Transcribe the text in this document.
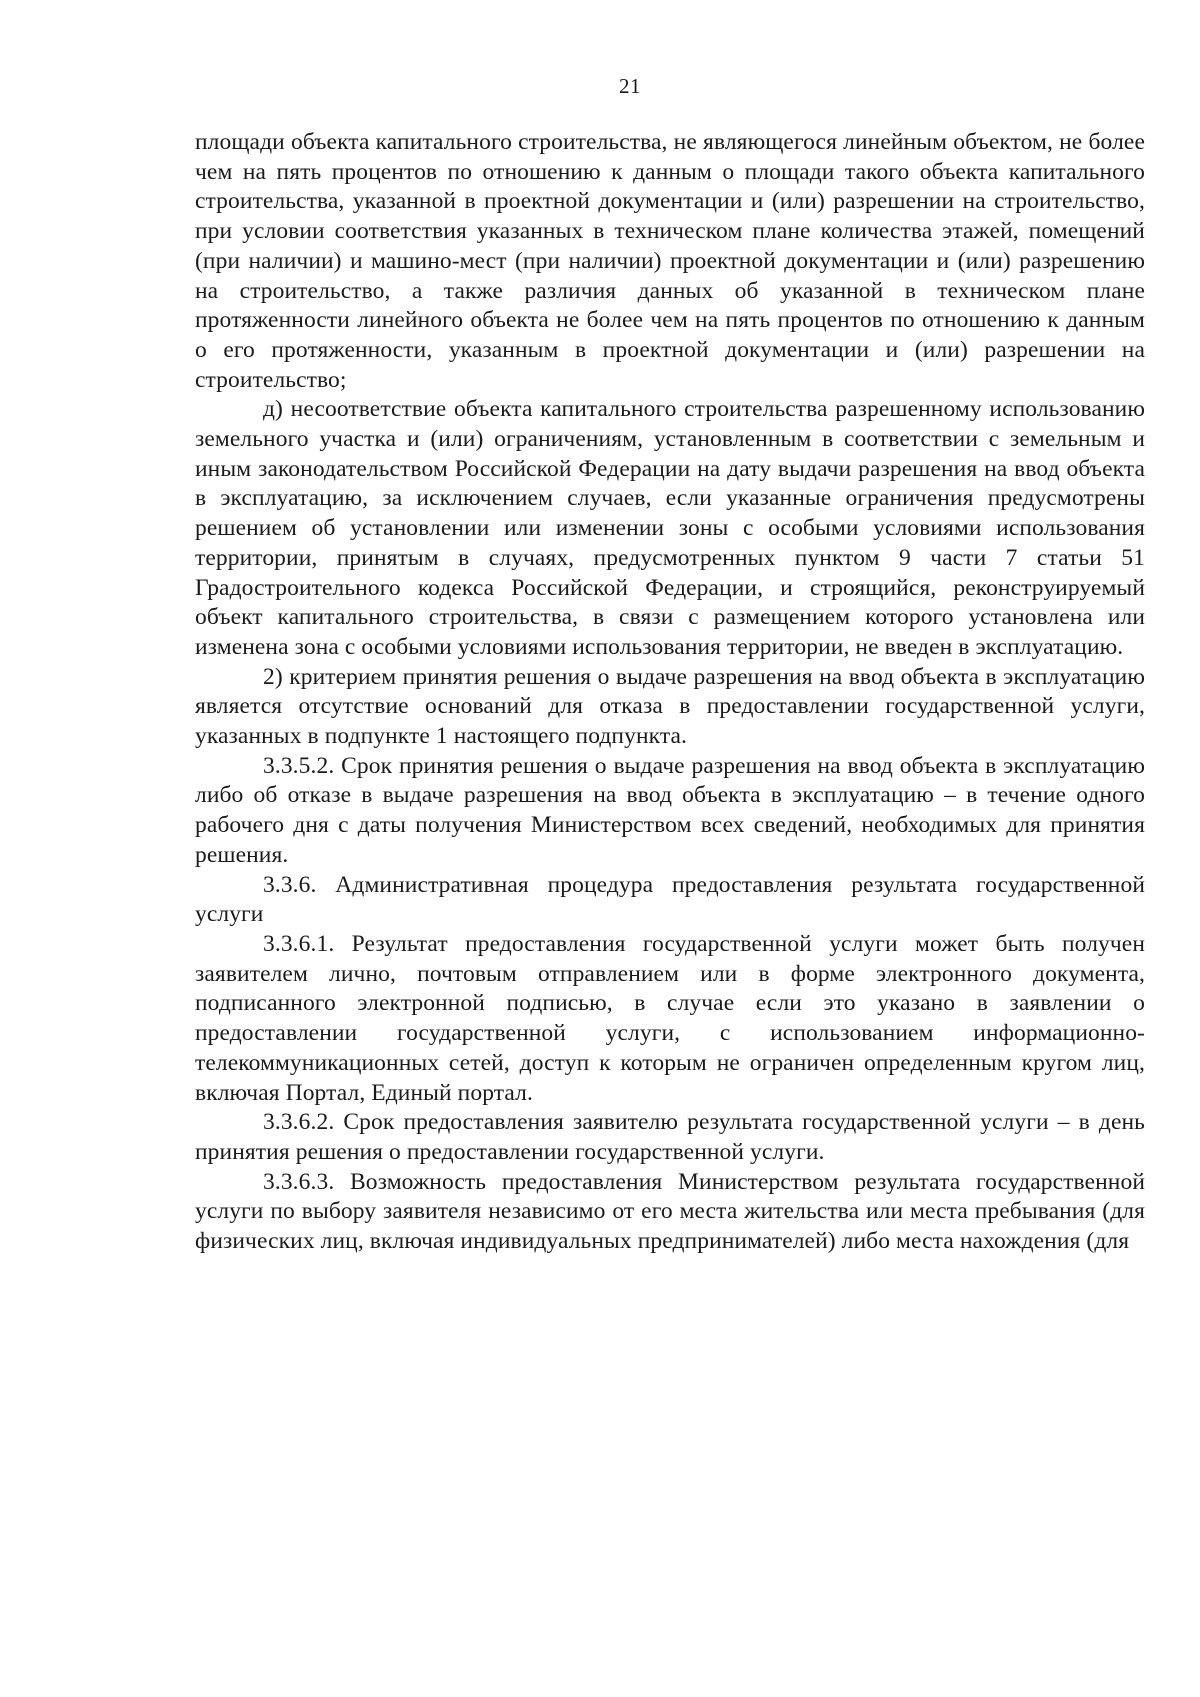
21

площади объекта капитального строительства, не являющегося линейным объектом, не более чем на пять процентов по отношению к данным о площади такого объекта капитального строительства, указанной в проектной документации и (или) разрешении на строительство, при условии соответствия указанных в техническом плане количества этажей, помещений (при наличии) и машино-мест (при наличии) проектной документации и (или) разрешению на строительство, а также различия данных об указанной в техническом плане протяженности линейного объекта не более чем на пять процентов по отношению к данным о его протяженности, указанным в проектной документации и (или) разрешении на строительство;

д) несоответствие объекта капитального строительства разрешенному использованию земельного участка и (или) ограничениям, установленным в соответствии с земельным и иным законодательством Российской Федерации на дату выдачи разрешения на ввод объекта в эксплуатацию, за исключением случаев, если указанные ограничения предусмотрены решением об установлении или изменении зоны с особыми условиями использования территории, принятым в случаях, предусмотренных пунктом 9 части 7 статьи 51 Градостроительного кодекса Российской Федерации, и строящийся, реконструируемый объект капитального строительства, в связи с размещением которого установлена или изменена зона с особыми условиями использования территории, не введен в эксплуатацию.

2) критерием принятия решения о выдаче разрешения на ввод объекта в эксплуатацию является отсутствие оснований для отказа в предоставлении государственной услуги, указанных в подпункте 1 настоящего подпункта.

3.3.5.2. Срок принятия решения о выдаче разрешения на ввод объекта в эксплуатацию либо об отказе в выдаче разрешения на ввод объекта в эксплуатацию – в течение одного рабочего дня с даты получения Министерством всех сведений, необходимых для принятия решения.

3.3.6. Административная процедура предоставления результата государственной услуги

3.3.6.1. Результат предоставления государственной услуги может быть получен заявителем лично, почтовым отправлением или в форме электронного документа, подписанного электронной подписью, в случае если это указано в заявлении о предоставлении государственной услуги, с использованием информационно-телекоммуникационных сетей, доступ к которым не ограничен определенным кругом лиц, включая Портал, Единый портал.

3.3.6.2. Срок предоставления заявителю результата государственной услуги – в день принятия решения о предоставлении государственной услуги.

3.3.6.3. Возможность предоставления Министерством результата государственной услуги по выбору заявителя независимо от его места жительства или места пребывания (для физических лиц, включая индивидуальных предпринимателей) либо места нахождения (для
